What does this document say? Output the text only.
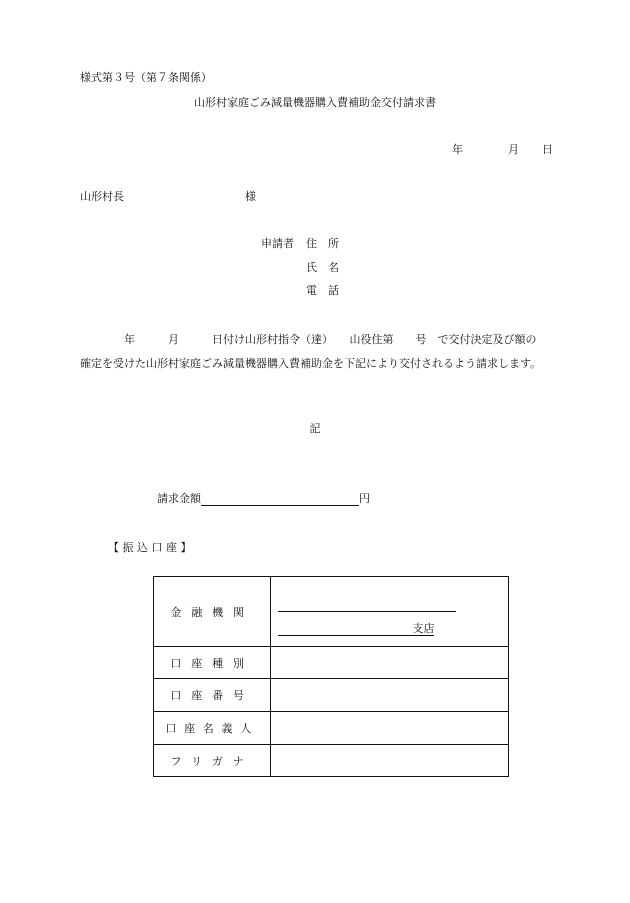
様式第３号（第７条関係）
山形村家庭ごみ減量機器購入費補助金交付請求書
年	月 日
山形村長	様
申請者 住　所
氏　名
電　話
年　　　月　　　日付け山形村指令（達）　　山役住第　　号　で交付決定及び額の
確定を受けた山形村家庭ごみ減量機器購入費補助金を下記により交付されるよう請求します。
記
請求金額	円
【 振 込 口 座 】
金融機関	支店

口座種別	
口座番号	
口座名義人	
フリガナ	
